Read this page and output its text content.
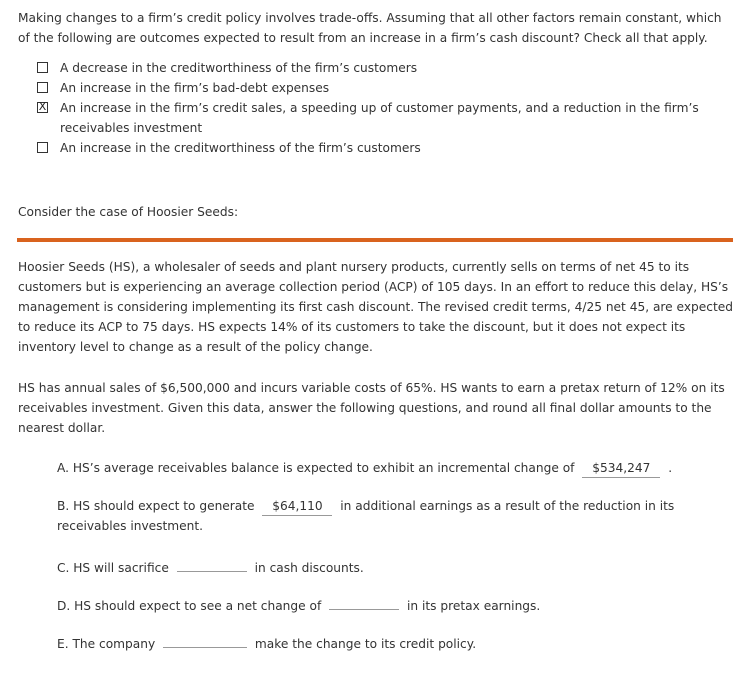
Making changes to a firm’s credit policy involves trade-offs. Assuming that all other factors remain constant, which of the following are outcomes expected to result from an increase in a firm’s cash discount? Check all that apply.
A decrease in the creditworthiness of the firm’s customers
An increase in the firm’s bad-debt expenses
X An increase in the firm’s credit sales, a speeding up of customer payments, and a reduction in the firm’s receivables investment
An increase in the creditworthiness of the firm’s customers
Consider the case of Hoosier Seeds:
Hoosier Seeds (HS), a wholesaler of seeds and plant nursery products, currently sells on terms of net 45 to its customers but is experiencing an average collection period (ACP) of 105 days. In an effort to reduce this delay, HS’s management is considering implementing its first cash discount. The revised credit terms, 4/25 net 45, are expected to reduce its ACP to 75 days. HS expects 14% of its customers to take the discount, but it does not expect its inventory level to change as a result of the policy change.
HS has annual sales of $6,500,000 and incurs variable costs of 65%. HS wants to earn a pretax return of 12% on its receivables investment. Given this data, answer the following questions, and round all final dollar amounts to the nearest dollar.
A. HS’s average receivables balance is expected to exhibit an incremental change of $534,247 .
B. HS should expect to generate $64,110 in additional earnings as a result of the reduction in its
receivables investment.
C. HS will sacrifice	in cash discounts.
D. HS should expect to see a net change of	in its pretax earnings.
E. The company	make the change to its credit policy.
